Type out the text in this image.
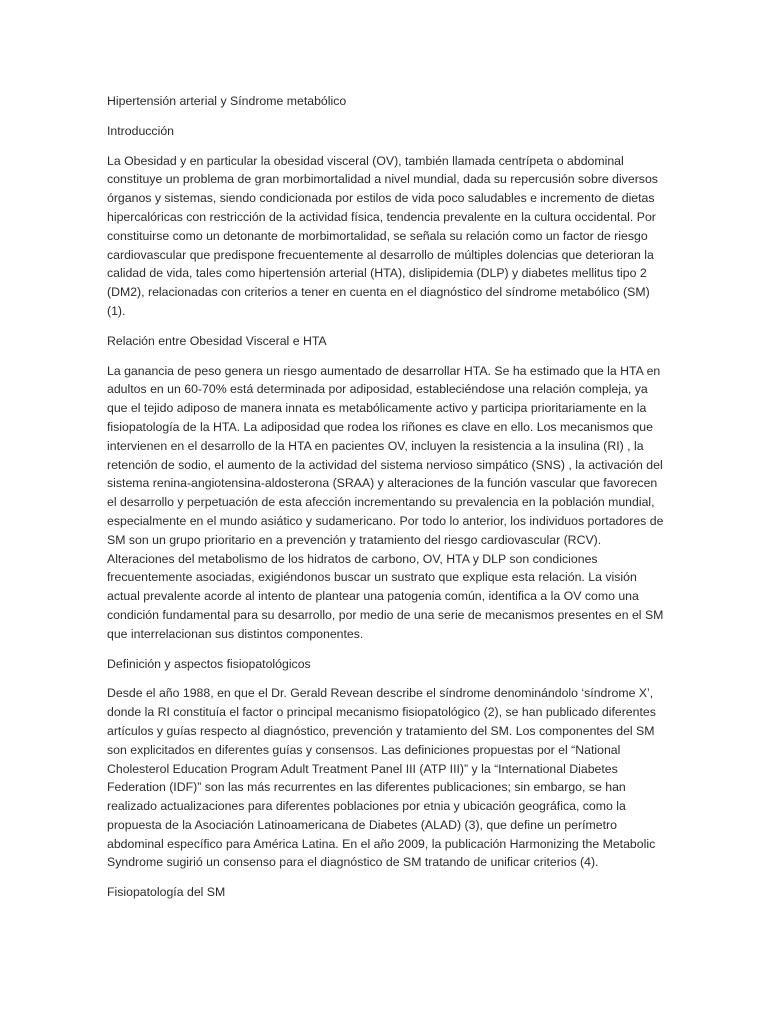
Hipertensión arterial y Síndrome metabólico

Introducción

La Obesidad y en particular la obesidad visceral (OV), también llamada centrípeta o abdominal constituye un problema de gran morbimortalidad a nivel mundial, dada su repercusión sobre diversos órganos y sistemas, siendo condicionada por estilos de vida poco saludables e incremento de dietas hipercalóricas con restricción de la actividad física, tendencia prevalente en la cultura occidental. Por constituirse como un detonante de morbimortalidad, se señala su relación como un factor de riesgo cardiovascular que predispone frecuentemente al desarrollo de múltiples dolencias que deterioran la calidad de vida, tales como hipertensión arterial (HTA), dislipidemia (DLP) y diabetes mellitus tipo 2 (DM2), relacionadas con criterios a tener en cuenta en el diagnóstico del síndrome metabólico (SM) (1).

Relación entre Obesidad Visceral e HTA

La ganancia de peso genera un riesgo aumentado de desarrollar HTA. Se ha estimado que la HTA en adultos en un 60-70% está determinada por adiposidad, estableciéndose una relación compleja, ya que el tejido adiposo de manera innata es metabólicamente activo y participa prioritariamente en la fisiopatología de la HTA. La adiposidad que rodea los riñones es clave en ello. Los mecanismos que intervienen en el desarrollo de la HTA en pacientes OV, incluyen la resistencia a la insulina (RI) , la retención de sodio, el aumento de la actividad del sistema nervioso simpático (SNS) , la activación del sistema renina-angiotensina-aldosterona (SRAA) y alteraciones de la función vascular que favorecen el desarrollo y perpetuación de esta afección incrementando su prevalencia en la población mundial, especialmente en el mundo asiático y sudamericano. Por todo lo anterior, los individuos portadores de SM son un grupo prioritario en a prevención y tratamiento del riesgo cardiovascular (RCV). Alteraciones del metabolismo de los hidratos de carbono, OV, HTA y DLP son condiciones frecuentemente asociadas, exigiéndonos buscar un sustrato que explique esta relación. La visión actual prevalente acorde al intento de plantear una patogenia común, identifica a la OV como una condición fundamental para su desarrollo, por medio de una serie de mecanismos presentes en el SM que interrelacionan sus distintos componentes.

Definición y aspectos fisiopatológicos

Desde el año 1988, en que el Dr. Gerald Revean describe el síndrome denominándolo ‘síndrome X’, donde la RI constituía el factor o principal mecanismo fisiopatológico (2), se han publicado diferentes artículos y guías respecto al diagnóstico, prevención y tratamiento del SM. Los componentes del SM son explicitados en diferentes guías y consensos. Las definiciones propuestas por el “National Cholesterol Education Program Adult Treatment Panel III (ATP III)” y la “International Diabetes Federation (IDF)” son las más recurrentes en las diferentes publicaciones; sin embargo, se han realizado actualizaciones para diferentes poblaciones por etnia y ubicación geográfica, como la propuesta de la Asociación Latinoamericana de Diabetes (ALAD) (3), que define un perímetro abdominal específico para América Latina. En el año 2009, la publicación Harmonizing the Metabolic Syndrome sugirió un consenso para el diagnóstico de SM tratando de unificar criterios (4).

Fisiopatología del SM
